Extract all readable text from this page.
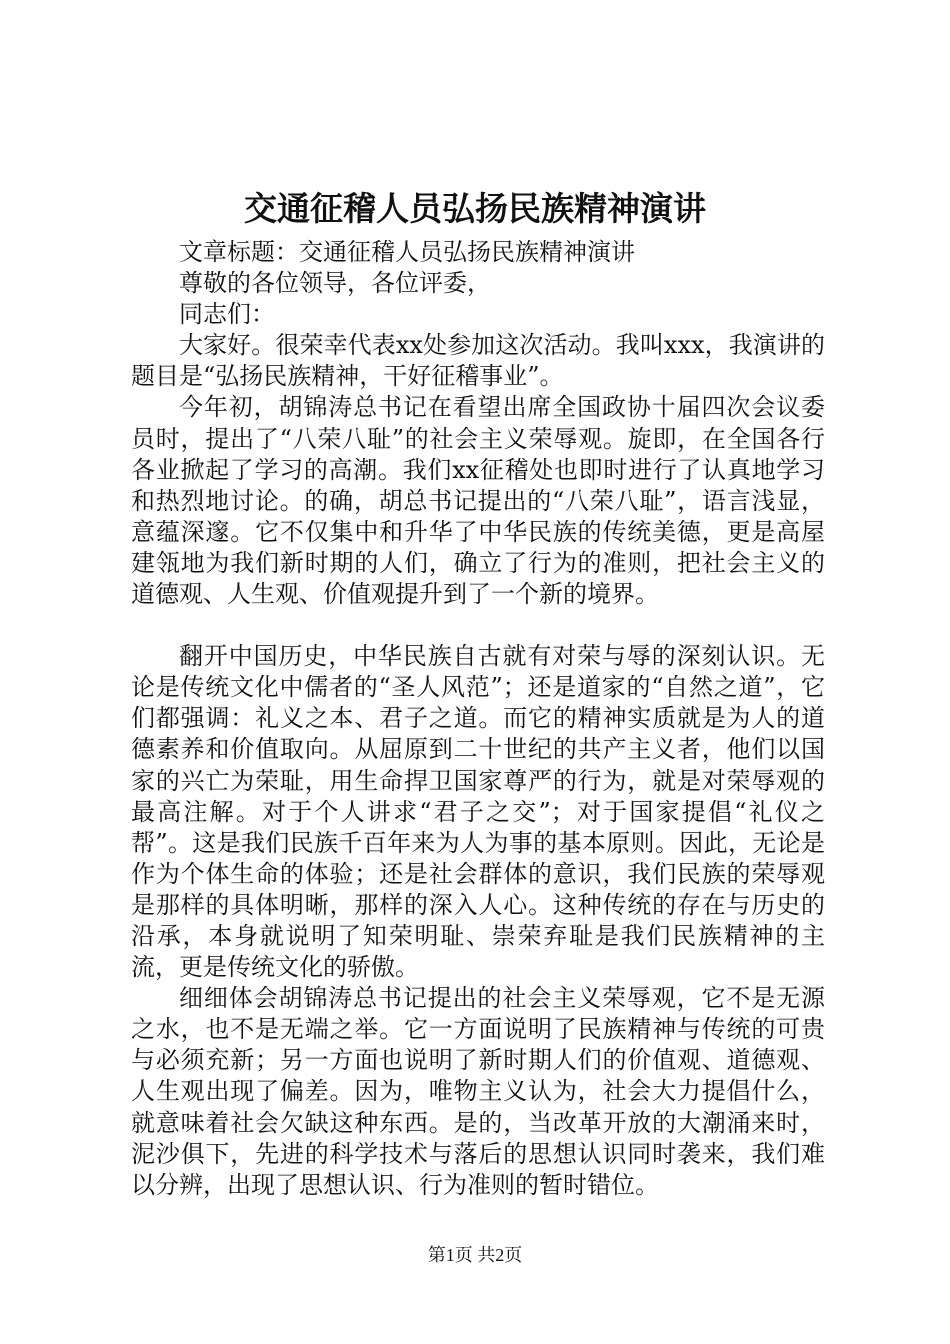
交通征稽人员弘扬民族精神演讲

文章标题：交通征稽人员弘扬民族精神演讲

尊敬的各位领导，各位评委，

同志们：

大家好。很荣幸代表xx处参加这次活动。我叫xxx，我演讲的题目是“弘扬民族精神，干好征稽事业”。

今年初，胡锦涛总书记在看望出席全国政协十届四次会议委员时，提出了“八荣八耻”的社会主义荣辱观。旋即，在全国各行各业掀起了学习的高潮。我们xx征稽处也即时进行了认真地学习和热烈地讨论。的确，胡总书记提出的“八荣八耻”，语言浅显，意蕴深邃。它不仅集中和升华了中华民族的传统美德，更是高屋建瓴地为我们新时期的人们，确立了行为的准则，把社会主义的道德观、人生观、价值观提升到了一个新的境界。

翻开中国历史，中华民族自古就有对荣与辱的深刻认识。无论是传统文化中儒者的“圣人风范”；还是道家的“自然之道”，它们都强调：礼义之本、君子之道。而它的精神实质就是为人的道德素养和价值取向。从屈原到二十世纪的共产主义者，他们以国家的兴亡为荣耻，用生命捍卫国家尊严的行为，就是对荣辱观的最高注解。对于个人讲求“君子之交”；对于国家提倡“礼仪之帮”。这是我们民族千百年来为人为事的基本原则。因此，无论是作为个体生命的体验；还是社会群体的意识，我们民族的荣辱观是那样的具体明晰，那样的深入人心。这种传统的存在与历史的沿承，本身就说明了知荣明耻、崇荣弃耻是我们民族精神的主流，更是传统文化的骄傲。

细细体会胡锦涛总书记提出的社会主义荣辱观，它不是无源之水，也不是无端之举。它一方面说明了民族精神与传统的可贵与必须充新；另一方面也说明了新时期人们的价值观、道德观、人生观出现了偏差。因为，唯物主义认为，社会大力提倡什么，就意味着社会欠缺这种东西。是的，当改革开放的大潮涌来时，泥沙俱下，先进的科学技术与落后的思想认识同时袭来，我们难以分辨，出现了思想认识、行为准则的暂时错位。

第1页 共2页
